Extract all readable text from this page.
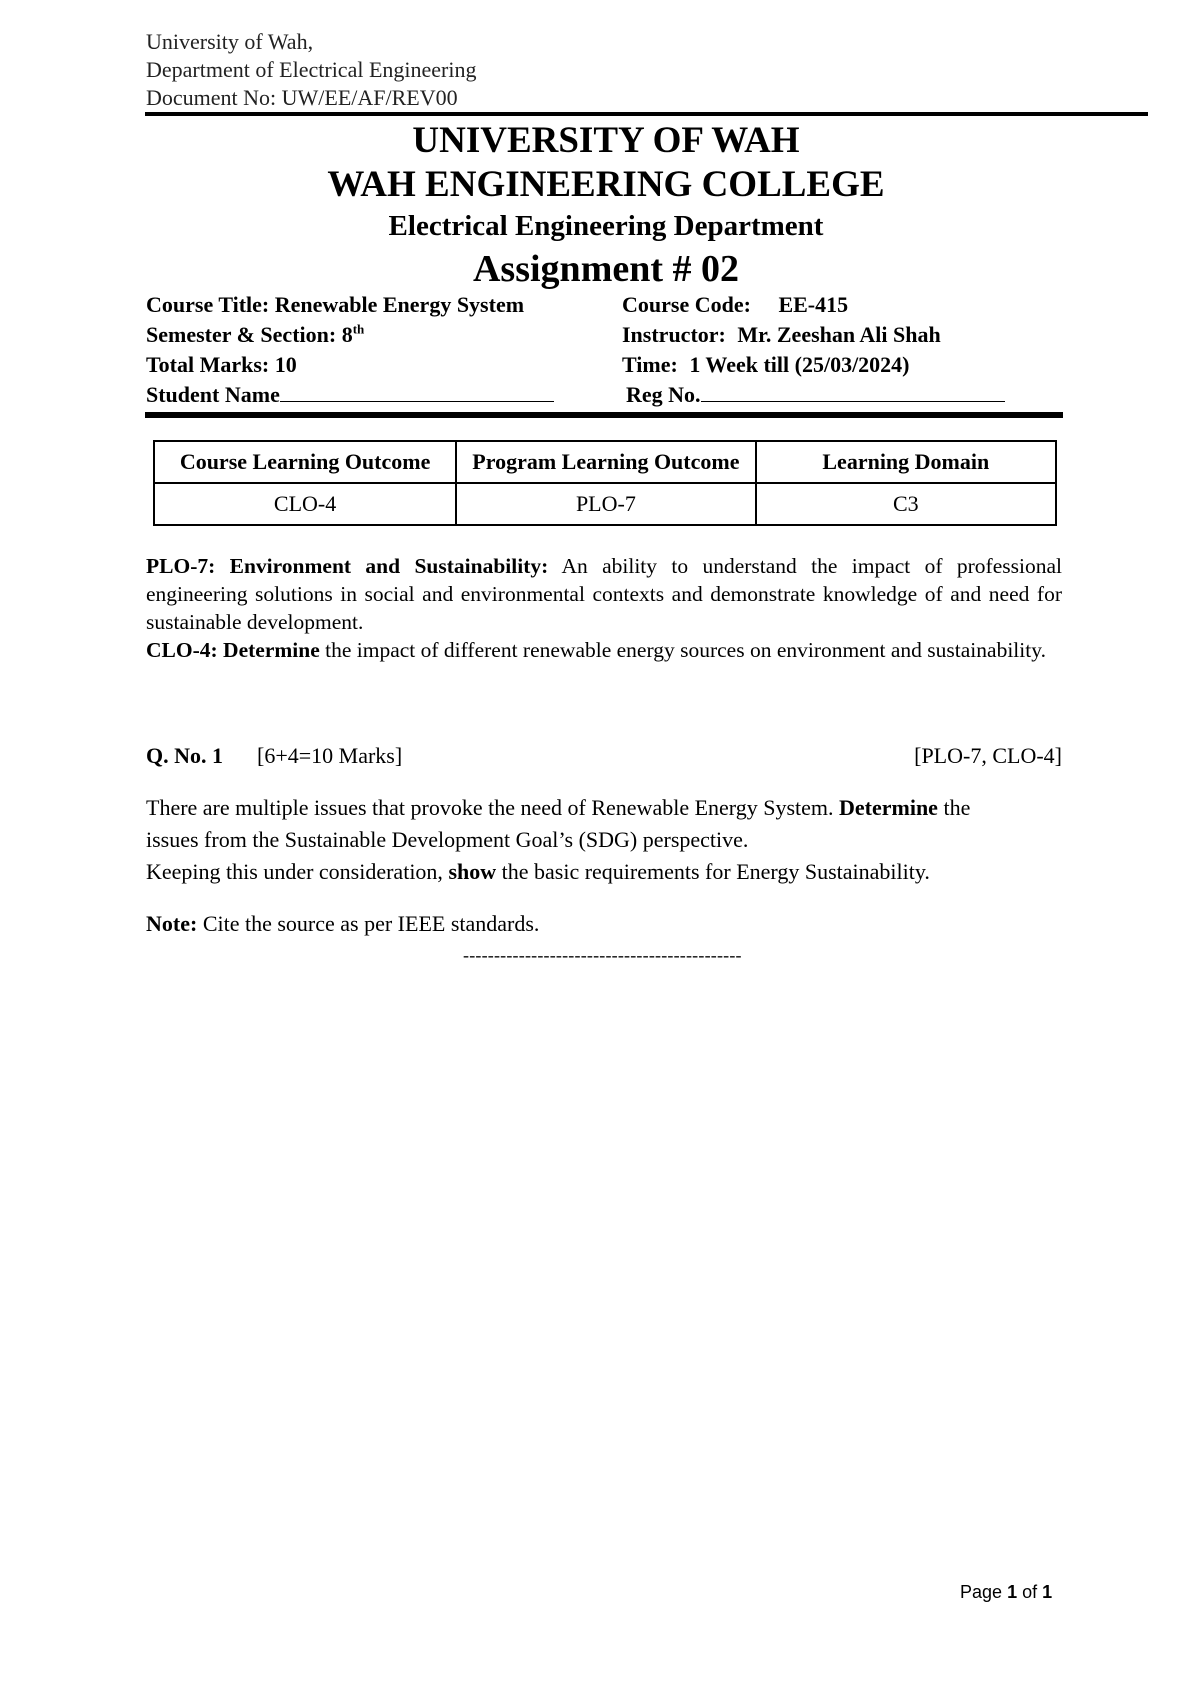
University of Wah,
Department of Electrical Engineering
Document No: UW/EE/AF/REV00
UNIVERSITY OF WAH
WAH ENGINEERING COLLEGE
Electrical Engineering Department
Assignment # 02
Course Title: Renewable Energy System	Course Code: EE-415
Semester & Section: 8th	Instructor: Mr. Zeeshan Ali Shah
Total Marks: 10	Time: 1 Week till (25/03/2024)
Student Name	Reg No.
Course Learning Outcome	Program Learning Outcome	Learning Domain
CLO-4	PLO-7	C3
PLO-7: Environment and Sustainability: An ability to understand the impact of professional engineering solutions in social and environmental contexts and demonstrate knowledge of and need for sustainable development.
CLO-4: Determine the impact of different renewable energy sources on environment and sustainability.
Q. No. 1 [6+4=10 Marks]	[PLO-7, CLO-4]
There are multiple issues that provoke the need of Renewable Energy System. Determine the
issues from the Sustainable Development Goal’s (SDG) perspective.
Keeping this under consideration, show the basic requirements for Energy Sustainability.
Note: Cite the source as per IEEE standards.
---------------------------------------------
Page 1 of 1
